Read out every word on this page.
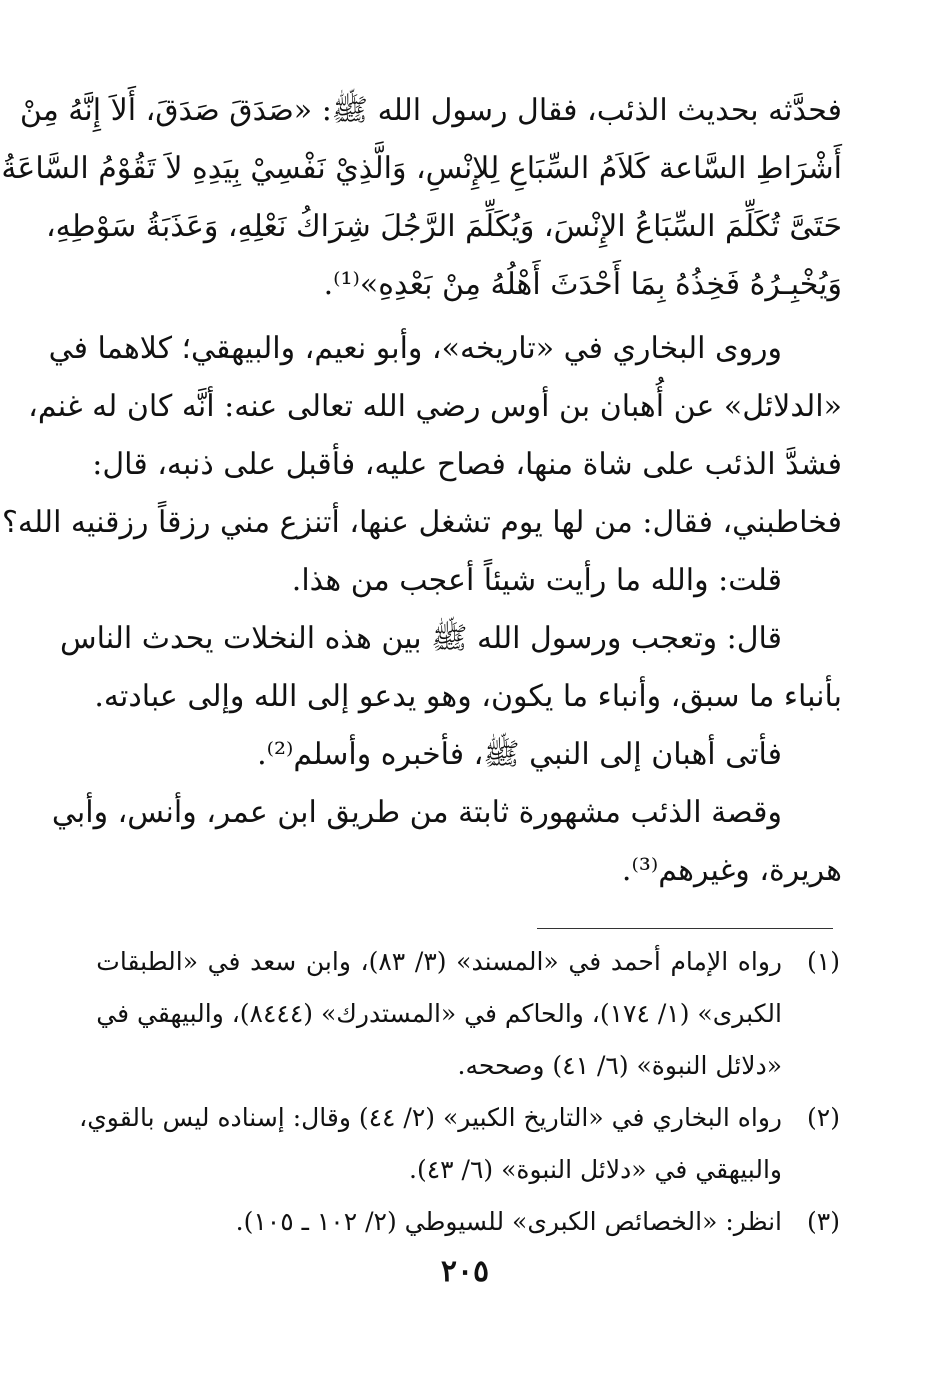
فحدَّثه بحديث الذئب، فقال رسول الله ﷺ: «صَدَقَ صَدَقَ، أَلاَ إِنَّهُ مِنْ
أَشْرَاطِ السَّاعة كَلاَمُ السِّبَاعِ لِلإِنْسِ، وَالَّذِيْ نَفْسِيْ بِيَدِهِ لاَ تَقُوْمُ السَّاعَةُ
حَتَىَّ تُكَلِّمَ السِّبَاعُ الإِنْسَ، وَيُكَلِّمَ الرَّجُلَ شِرَاكُ نَعْلِهِ، وَعَذَبَةُ سَوْطِهِ،
وَيُخْبِـرُهُ فَخِذُهُ بِمَا أَحْدَثَ أَهْلُهُ مِنْ بَعْدِهِ»⁽¹⁾.
وروى البخاري في «تاريخه»، وأبو نعيم، والبيهقي؛ كلاهما في
«الدلائل» عن أُهبان بن أوس رضي الله تعالى عنه: أنَّه كان له غنم،
فشدَّ الذئب على شاة منها، فصاح عليه، فأقبل على ذنبه، قال:
فخاطبني، فقال: من لها يوم تشغل عنها، أتنزع مني رزقاً رزقنيه الله؟
قلت: والله ما رأيت شيئاً أعجب من هذا.
قال: وتعجب ورسول الله ﷺ بين هذه النخلات يحدث الناس
بأنباء ما سبق، وأنباء ما يكون، وهو يدعو إلى الله وإلى عبادته.
فأتى أهبان إلى النبي ﷺ، فأخبره وأسلم⁽²⁾.
وقصة الذئب مشهورة ثابتة من طريق ابن عمر، وأنس، وأبي
هريرة، وغيرهم⁽³⁾.
(١)
رواه الإمام أحمد في «المسند» (٣/ ٨٣)، وابن سعد في «الطبقات
الكبرى» (١/ ١٧٤)، والحاكم في «المستدرك» (٨٤٤٤)، والبيهقي في
«دلائل النبوة» (٦/ ٤١) وصححه.
(٢)
رواه البخاري في «التاريخ الكبير» (٢/ ٤٤) وقال: إسناده ليس بالقوي،
والبيهقي في «دلائل النبوة» (٦/ ٤٣).
(٣)
انظر: «الخصائص الكبرى» للسيوطي (٢/ ١٠٢ ـ ١٠٥).
٢٠٥
